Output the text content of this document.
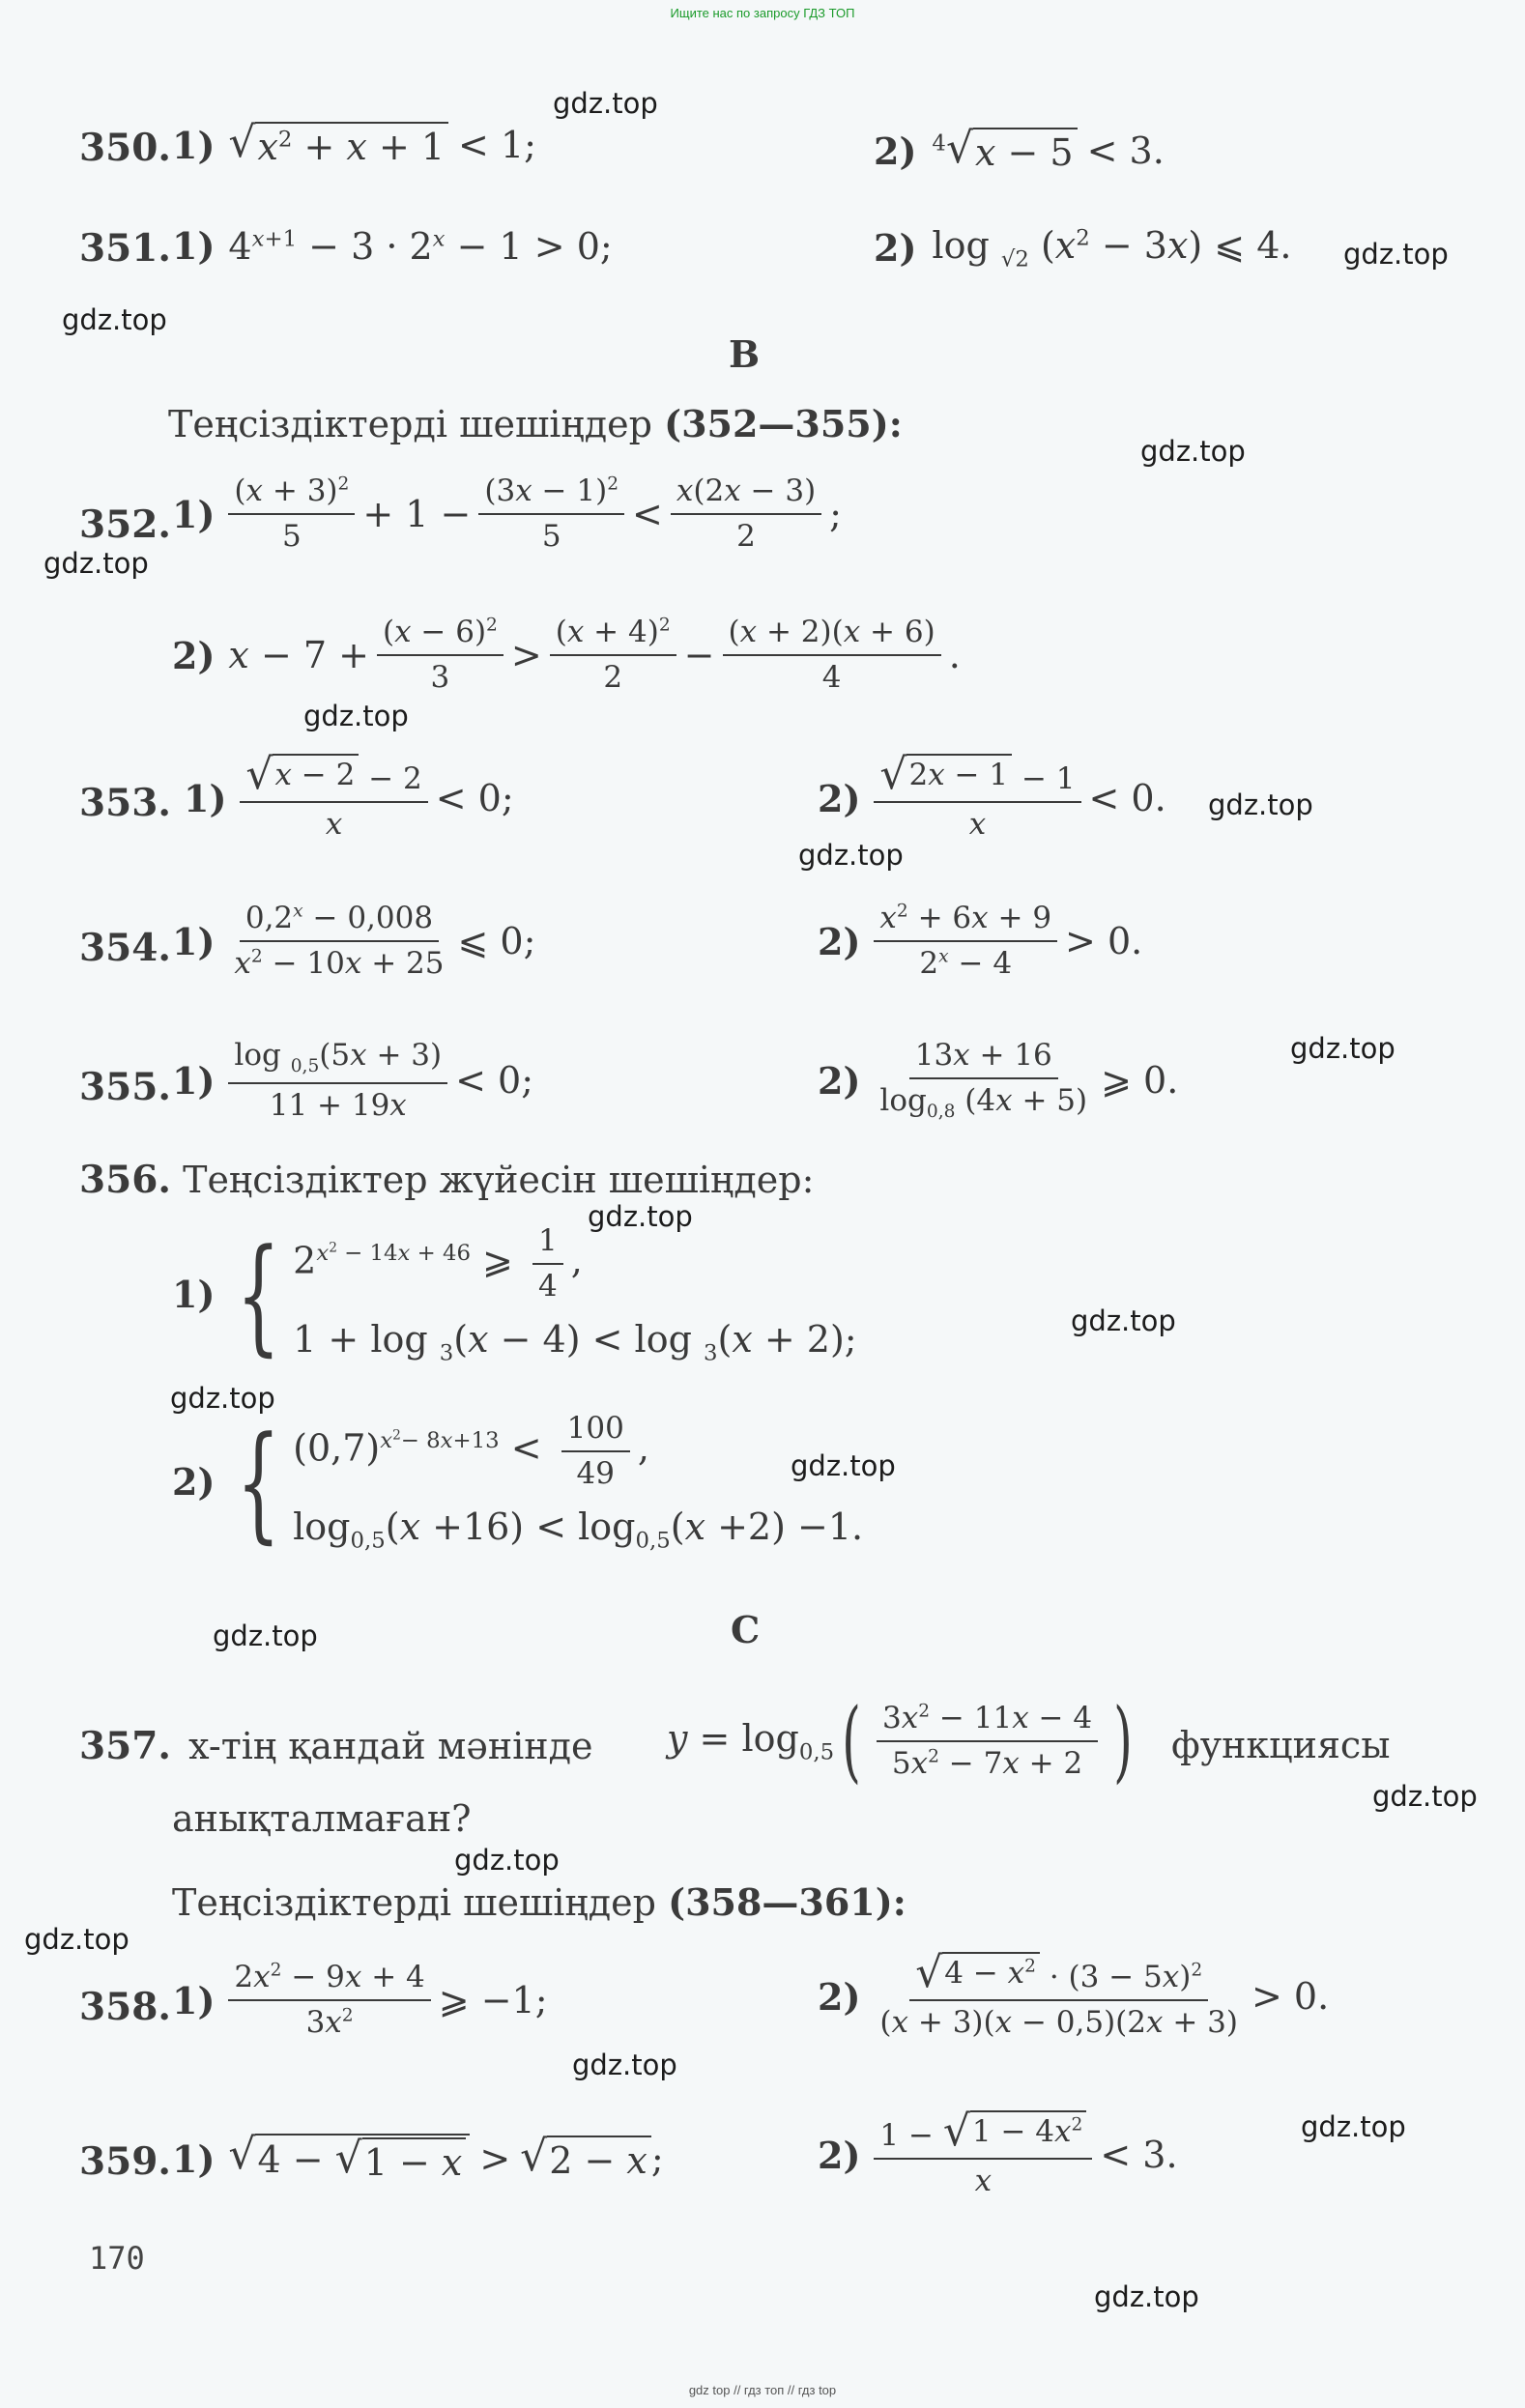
Ищите нас по запросу ГДЗ ТОП
gdz.top
gdz.top
gdz.top
gdz.top
gdz.top
gdz.top
gdz.top
gdz.top
gdz.top
gdz.top
gdz.top
gdz.top
gdz.top
gdz.top
gdz.top
gdz.top
gdz.top
gdz.top
gdz.top
gdz.top
350. 1) √ $x^2 + x + 1 < 1$;	2) $^4$ √ x − 5 < 3.
351. 1) $4^{x+1} - 3 \cdot 2^x - 1 > 0$;	2) log $_{√2}$ $(x^2 - 3x)$ ⩽ 4.
В
Теңсіздіктерді шешіңдер (352—355):
352. $1) \frac{(x + 3)^2}{5} + 1 - \frac{(3x - 1)^2}{5} < \frac{x(2x - 3)}{2}$ ;
2) $x - 7 + \frac{(x - 6)^2}{3} > \frac{(x + 4)^2}{2} - \frac{(x + 2)(x + 6)}{4}$ .
353. $1) \frac{√ x - 2 - 2}{x} < 0$;	$2) \frac{√ 2x - 1 - 1}{x} < 0$.
354. $1) \frac{0,2^x - 0,008}{x^2 - 10x + 25}$ ⩽ 0;	$2) \frac{x^2 + 6x + 9}{2^x - 4} > 0$.
355. $1) \frac{\log _{0,5}(5x + 3)}{11 + 19x} < 0$;	$2) \frac{13x + 16}{\log_{0,8} (4x + 5)}$ ⩾ 0.
356. Теңсіздіктер жүйесін шешіңдер:
1) { $2^{x^2 - 14x + 46}$ ⩾ $\frac{1}{4}$ ,
1 + log $_3$(x − 4) < log $_3$(x + 2);
2) { $(0,7)^{x^2- 8x+13} < \frac{100}{49}$ ,
$\log_{0,5}(x +16) < \log_{0,5}(x +2) -1$.
С
357. x-тің қандай мәнінде $y = \log_{0,5}$ ( $\frac{3x^2 - 11x - 4}{5x^2 - 7x + 2}$ ) функциясы
анықталмаған?
Теңсіздіктерді шешіңдер (358—361):
358. $1) \frac{2x^2 - 9x + 4}{3x^2}$ ⩾ −1;	$2) \frac{√ 4 - x^2 \cdot (3 - 5x)^2}{(x + 3)(x - 0,5)(2x + 3)} > 0$.
359. 1) √ 4 − √ 1 − x > √ 2 − x ;	$2) \frac{1 - √ 1 - 4x^2}{x} < 3$.
170
gdz top // гдз топ // гдз top
